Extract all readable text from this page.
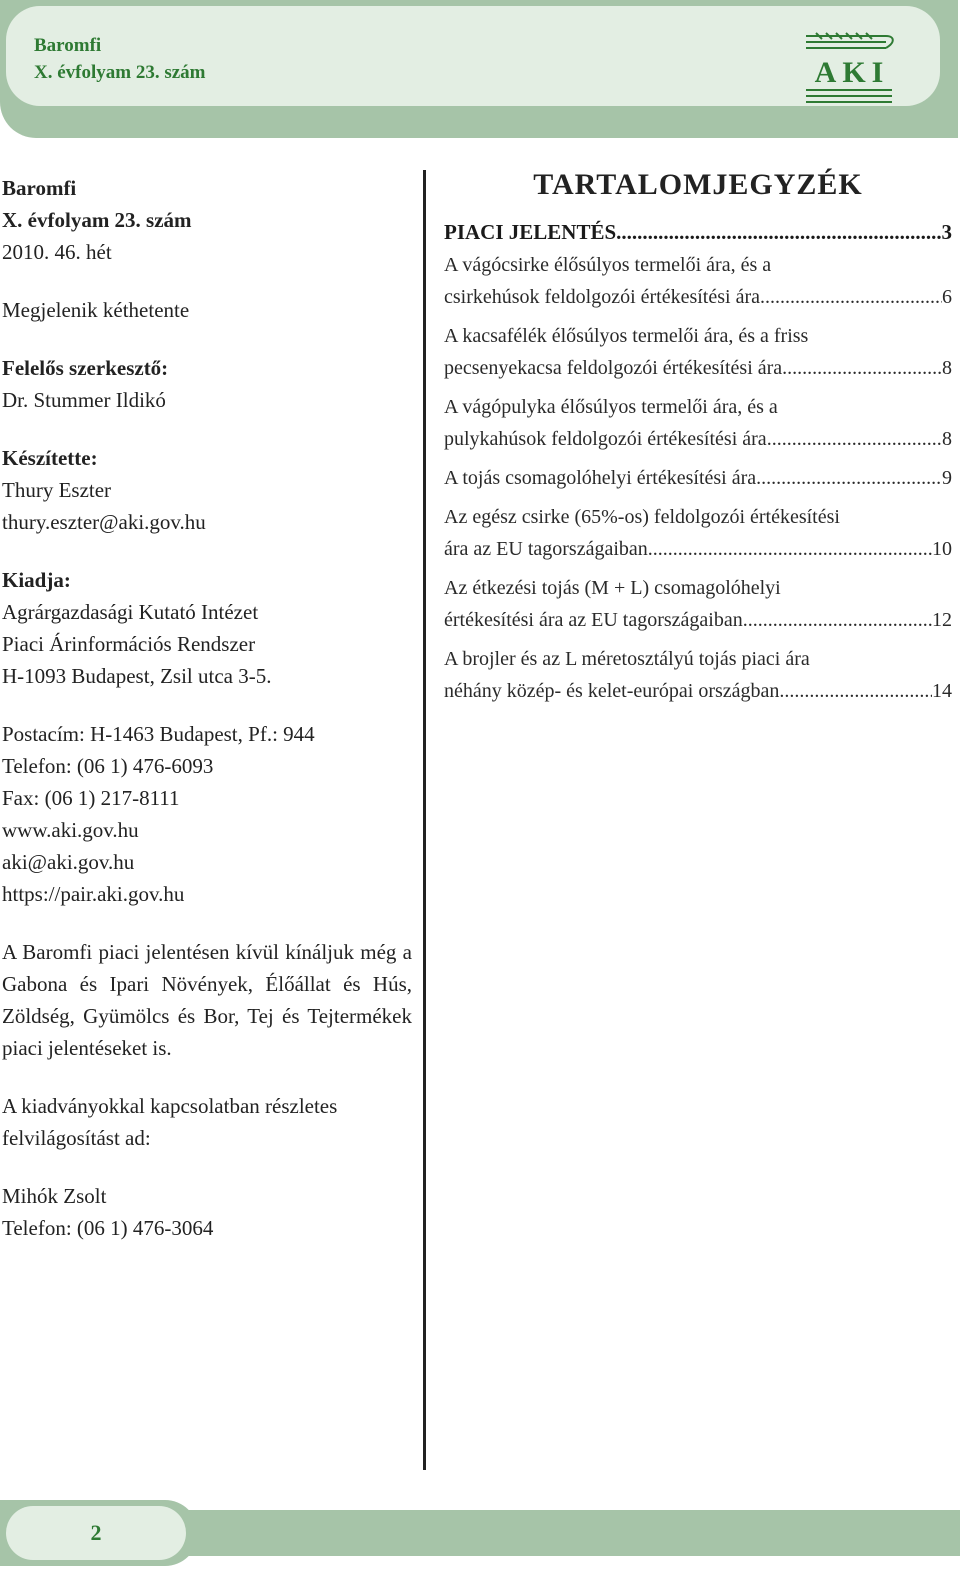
Baromfi
X. évfolyam 23. szám	AKI

Baromfi

X. évfolyam 23. szám

2010. 46. hét

Megjelenik kéthetente

Felelős szerkesztő:

Dr. Stummer Ildikó

Készítette:

Thury Eszter

thury.eszter@aki.gov.hu

Kiadja:

Agrárgazdasági Kutató Intézet

Piaci Árinformációs Rendszer

H-1093 Budapest, Zsil utca 3-5.

Postacím: H-1463 Budapest, Pf.: 944

Telefon: (06 1) 476-6093

Fax: (06 1) 217-8111

www.aki.gov.hu

aki@aki.gov.hu

https://pair.aki.gov.hu

A Baromfi piaci jelentésen kívül kínáljuk még a Gabona és Ipari Növények, Élőállat és Hús, Zöldség, Gyümölcs és Bor, Tej és Tejtermékek piaci jelentéseket is.

A kiadványokkal kapcsolatban részletes felvilágosítást ad:

Mihók Zsolt

Telefon: (06 1) 476-3064

TARTALOMJEGYZÉK
PIACI JELENTÉS .....	3
A vágócsirke élősúlyos termelői ára, és a
csirkehúsok feldolgozói értékesítési ára .....	6
A kacsafélék élősúlyos termelői ára, és a friss
pecsenyekacsa feldolgozói értékesítési ára .....	8
A vágópulyka élősúlyos termelői ára, és a
pulykahúsok feldolgozói értékesítési ára .....	8
A tojás csomagolóhelyi értékesítési ára .....	9
Az egész csirke (65%-os) feldolgozói értékesítési
ára az EU tagországaiban .....	10
Az étkezési tojás (M + L) csomagolóhelyi
értékesítési ára az EU tagországaiban .....	12
A brojler és az L méretosztályú tojás piaci ára
néhány közép- és kelet-európai országban .....	14
2
